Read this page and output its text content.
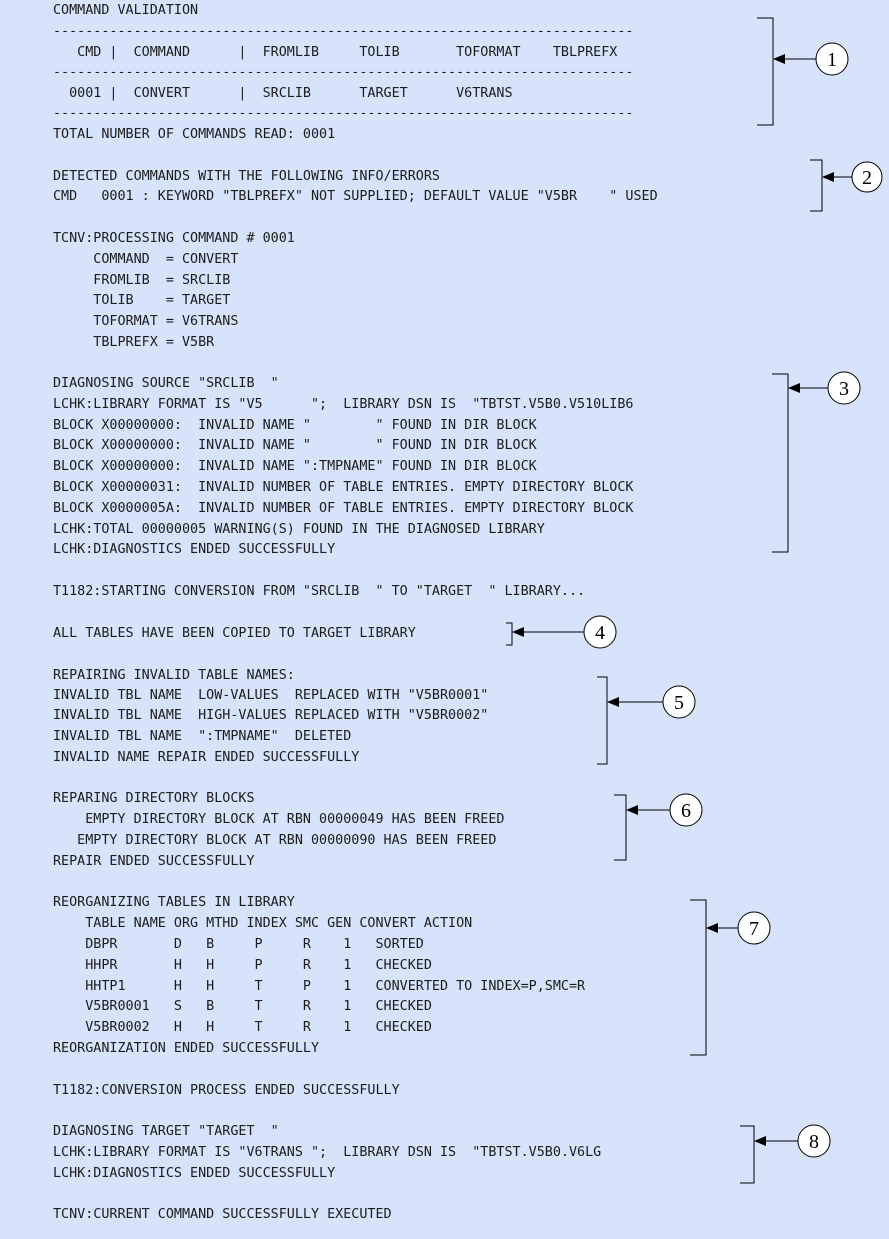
COMMAND VALIDATION
------------------------------------------------------------------------
CMD |  COMMAND      |  FROMLIB     TOLIB       TOFORMAT    TBLPREFX
------------------------------------------------------------------------
0001 |  CONVERT      |  SRCLIB      TARGET      V6TRANS
------------------------------------------------------------------------
TOTAL NUMBER OF COMMANDS READ: 0001
DETECTED COMMANDS WITH THE FOLLOWING INFO/ERRORS
CMD   0001 : KEYWORD "TBLPREFX" NOT SUPPLIED; DEFAULT VALUE "V5BR    " USED
TCNV:PROCESSING COMMAND # 0001
COMMAND  = CONVERT
FROMLIB  = SRCLIB
TOLIB    = TARGET
TOFORMAT = V6TRANS
TBLPREFX = V5BR
DIAGNOSING SOURCE "SRCLIB  "
LCHK:LIBRARY FORMAT IS "V5      ";  LIBRARY DSN IS  "TBTST.V5B0.V510LIB6
BLOCK X00000000:  INVALID NAME "        " FOUND IN DIR BLOCK
BLOCK X00000000:  INVALID NAME "        " FOUND IN DIR BLOCK
BLOCK X00000000:  INVALID NAME ":TMPNAME" FOUND IN DIR BLOCK
BLOCK X00000031:  INVALID NUMBER OF TABLE ENTRIES. EMPTY DIRECTORY BLOCK
BLOCK X0000005A:  INVALID NUMBER OF TABLE ENTRIES. EMPTY DIRECTORY BLOCK
LCHK:TOTAL 00000005 WARNING(S) FOUND IN THE DIAGNOSED LIBRARY
LCHK:DIAGNOSTICS ENDED SUCCESSFULLY
T1182:STARTING CONVERSION FROM "SRCLIB  " TO "TARGET  " LIBRARY...
ALL TABLES HAVE BEEN COPIED TO TARGET LIBRARY
REPAIRING INVALID TABLE NAMES:
INVALID TBL NAME  LOW-VALUES  REPLACED WITH "V5BR0001"
INVALID TBL NAME  HIGH-VALUES REPLACED WITH "V5BR0002"
INVALID TBL NAME  ":TMPNAME"  DELETED
INVALID NAME REPAIR ENDED SUCCESSFULLY
REPARING DIRECTORY BLOCKS
EMPTY DIRECTORY BLOCK AT RBN 00000049 HAS BEEN FREED
EMPTY DIRECTORY BLOCK AT RBN 00000090 HAS BEEN FREED
REPAIR ENDED SUCCESSFULLY
REORGANIZING TABLES IN LIBRARY
TABLE NAME ORG MTHD INDEX SMC GEN CONVERT ACTION
DBPR       D   B     P     R    1   SORTED
HHPR       H   H     P     R    1   CHECKED
HHTP1      H   H     T     P    1   CONVERTED TO INDEX=P,SMC=R
V5BR0001   S   B     T     R    1   CHECKED
V5BR0002   H   H     T     R    1   CHECKED
REORGANIZATION ENDED SUCCESSFULLY
T1182:CONVERSION PROCESS ENDED SUCCESSFULLY
DIAGNOSING TARGET "TARGET  "
LCHK:LIBRARY FORMAT IS "V6TRANS ";  LIBRARY DSN IS  "TBTST.V5B0.V6LG
LCHK:DIAGNOSTICS ENDED SUCCESSFULLY
TCNV:CURRENT COMMAND SUCCESSFULLY EXECUTED
1
2
3
4
5
6
7
8
